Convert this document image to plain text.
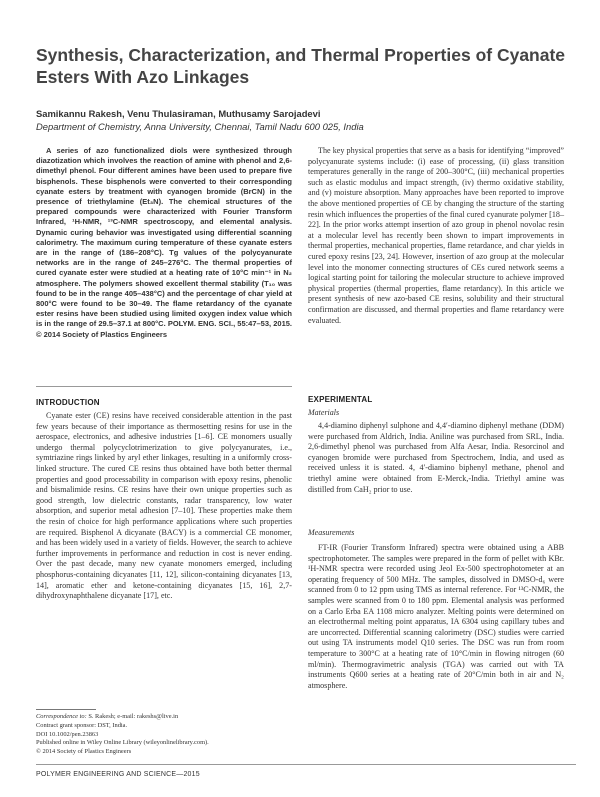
Synthesis, Characterization, and Thermal Properties of Cyanate Esters With Azo Linkages
Samikannu Rakesh, Venu Thulasiraman, Muthusamy Sarojadevi
Department of Chemistry, Anna University, Chennai, Tamil Nadu 600 025, India
A series of azo functionalized diols were synthesized through diazotization which involves the reaction of amine with phenol and 2,6-dimethyl phenol. Four different amines have been used to prepare five bisphenols. These bisphenols were converted to their corresponding cyanate esters by treatment with cyanogen bromide (BrCN) in the presence of triethylamine (Et₃N). The chemical structures of the prepared compounds were characterized with Fourier Transform Infrared, ¹H-NMR, ¹³C-NMR spectroscopy, and elemental analysis. Dynamic curing behavior was investigated using differential scanning calorimetry. The maximum curing temperature of these cyanate esters are in the range of (186–208°C). Tg values of the polycyanurate networks are in the range of 245–276°C. The thermal properties of cured cyanate ester were studied at a heating rate of 10°C min⁻¹ in N₂ atmosphere. The polymers showed excellent thermal stability (T₁₀ was found to be in the range 405–438°C) and the percentage of char yield at 800°C were found to be 30–49. The flame retardancy of the cyanate ester resins have been studied using limited oxygen index value which is in the range of 29.5–37.1 at 800°C. POLYM. ENG. SCI., 55:47–53, 2015. © 2014 Society of Plastics Engineers
INTRODUCTION
Cyanate ester (CE) resins have received considerable attention in the past few years because of their importance as thermosetting resins for use in the aerospace, electronics, and adhesive industries [1–6]. CE monomers usually undergo thermal polycyclotrimerization to give polycyanurates, i.e., symtriazine rings linked by aryl ether linkages, resulting in a uniformly cross-linked structure. The cured CE resins thus obtained have both better thermal properties and good processability in comparison with epoxy resins, phenolic and bismalimide resins. CE resins have their own unique properties such as good strength, low dielectric constants, radar transparency, low water absorption, and superior metal adhesion [7–10]. These properties make them the resin of choice for high performance applications where such properties are required. Bisphenol A dicyanate (BACY) is a commercial CE monomer, and has been widely used in a variety of fields. However, the search to achieve further improvements in performance and reduction in cost is never ending. Over the past decade, many new cyanate monomers emerged, including phosphorus-containing dicyanates [11, 12], silicon-containing dicyanates [13, 14], aromatic ether and ketone-containing dicyanates [15, 16], 2,7-dihydroxynaphthalene dicyanate [17], etc.
Correspondence to: S. Rakesh; e-mail: rakeshs@live.in
Contract grant sponsor: DST, India.
DOI 10.1002/pen.23863
Published online in Wiley Online Library (wileyonlinelibrary.com).
© 2014 Society of Plastics Engineers
The key physical properties that serve as a basis for identifying “improved” polycyanurate systems include: (i) ease of processing, (ii) glass transition temperatures generally in the range of 200–300°C, (iii) mechanical properties such as elastic modulus and impact strength, (iv) thermo oxidative stability, and (v) moisture absorption. Many approaches have been reported to improve the above mentioned properties of CE by changing the structure of the starting resin which influences the properties of the final cured cyanurate polymer [18–22]. In the prior works attempt insertion of azo group in phenol novolac resin at a molecular level has recently been shown to impart improvements in thermal properties, mechanical properties, flame retardance, and char yields in cured epoxy resins [23, 24]. However, insertion of azo group at the molecular level into the monomer connecting structures of CEs cured network seems a logical starting point for tailoring the molecular structure to achieve improved physical properties (thermal properties, flame retardancy). In this article we present synthesis of new azo-based CE resins, solubility and their structural confirmation are discussed, and thermal properties and flame retardancy were evaluated.
EXPERIMENTAL
Materials
4,4-diamino diphenyl sulphone and 4,4′-diamino diphenyl methane (DDM) were purchased from Aldrich, India. Aniline was purchased from SRL, India. 2,6-dimethyl phenol was purchased from Alfa Aesar, India. Resorcinol and cyanogen bromide were purchased from Spectrochem, India, and used as received unless it is stated. 4, 4′-diamino biphenyl methane, phenol and triethyl amine were obtained from E-Merck,-India. Triethyl amine was distilled from CaH₂ prior to use.
Measurements
FT-IR (Fourier Transform Infrared) spectra were obtained using a ABB spectrophotometer. The samples were prepared in the form of pellet with KBr. ¹H-NMR spectra were recorded using Jeol Ex-500 spectrophotometer at an operating frequency of 500 MHz. The samples, dissolved in DMSO-d₆ were scanned from 0 to 12 ppm using TMS as internal reference. For ¹³C-NMR, the samples were scanned from 0 to 180 ppm. Elemental analysis was performed on a Carlo Erba EA 1108 micro analyzer. Melting points were determined on an electrothermal melting point apparatus, IA 6304 using capillary tubes and are uncorrected. Differential scanning calorimetry (DSC) studies were carried out using TA instruments model Q10 series. The DSC was run from room temperature to 300°C at a heating rate of 10°C/min in flowing nitrogen (60 ml/min). Thermogravimetric analysis (TGA) was carried out with TA instruments Q600 series at a heating rate of 20°C/min both in air and N₂ atmosphere.
POLYMER ENGINEERING AND SCIENCE—2015
